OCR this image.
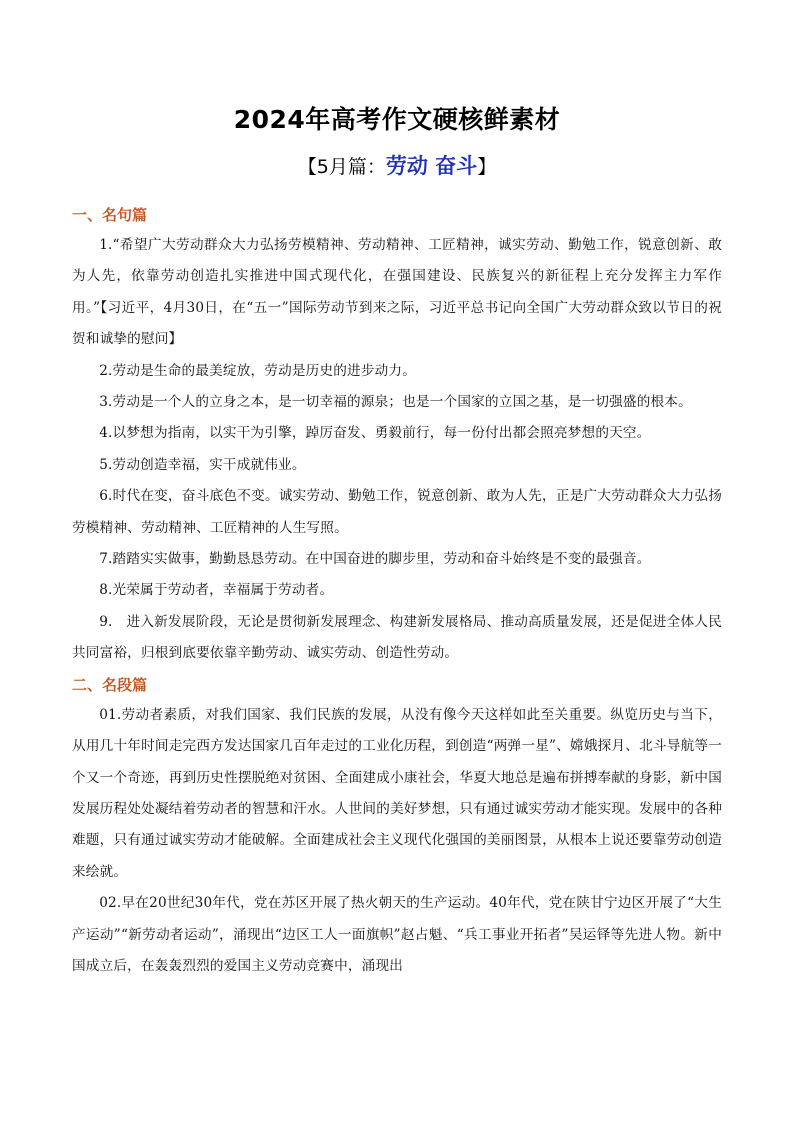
2024年高考作文硬核鲜素材
【5月篇：劳动 奋斗】
一、名句篇

1.“希望广大劳动群众大力弘扬劳模精神、劳动精神、工匠精神，诚实劳动、勤勉工作，锐意创新、敢为人先，依靠劳动创造扎实推进中国式现代化，在强国建设、民族复兴的新征程上充分发挥主力军作用。”【习近平，4月30日，在“五一”国际劳动节到来之际，习近平总书记向全国广大劳动群众致以节日的祝贺和诚挚的慰问】

2.劳动是生命的最美绽放，劳动是历史的进步动力。

3.劳动是一个人的立身之本，是一切幸福的源泉；也是一个国家的立国之基，是一切强盛的根本。

4.以梦想为指南，以实干为引擎，踔厉奋发、勇毅前行，每一份付出都会照亮梦想的天空。

5.劳动创造幸福，实干成就伟业。

6.时代在变，奋斗底色不变。诚实劳动、勤勉工作，锐意创新、敢为人先，正是广大劳动群众大力弘扬劳模精神、劳动精神、工匠精神的人生写照。

7.踏踏实实做事，勤勤恳恳劳动。在中国奋进的脚步里，劳动和奋斗始终是不变的最强音。

8.光荣属于劳动者，幸福属于劳动者。

9.　进入新发展阶段，无论是贯彻新发展理念、构建新发展格局、推动高质量发展，还是促进全体人民共同富裕，归根到底要依靠辛勤劳动、诚实劳动、创造性劳动。

二、名段篇

01.劳动者素质，对我们国家、我们民族的发展，从没有像今天这样如此至关重要。纵览历史与当下，从用几十年时间走完西方发达国家几百年走过的工业化历程，到创造“两弹一星”、嫦娥探月、北斗导航等一个又一个奇迹，再到历史性摆脱绝对贫困、全面建成小康社会，华夏大地总是遍布拼搏奉献的身影，新中国发展历程处处凝结着劳动者的智慧和汗水。人世间的美好梦想，只有通过诚实劳动才能实现。发展中的各种难题，只有通过诚实劳动才能破解。全面建成社会主义现代化强国的美丽图景，从根本上说还要靠劳动创造来绘就。

02.早在20世纪30年代，党在苏区开展了热火朝天的生产运动。40年代，党在陕甘宁边区开展了“大生产运动”“新劳动者运动”，涌现出“边区工人一面旗帜”赵占魁、“兵工事业开拓者”吴运铎等先进人物。新中国成立后，在轰轰烈烈的爱国主义劳动竞赛中，涌现出
